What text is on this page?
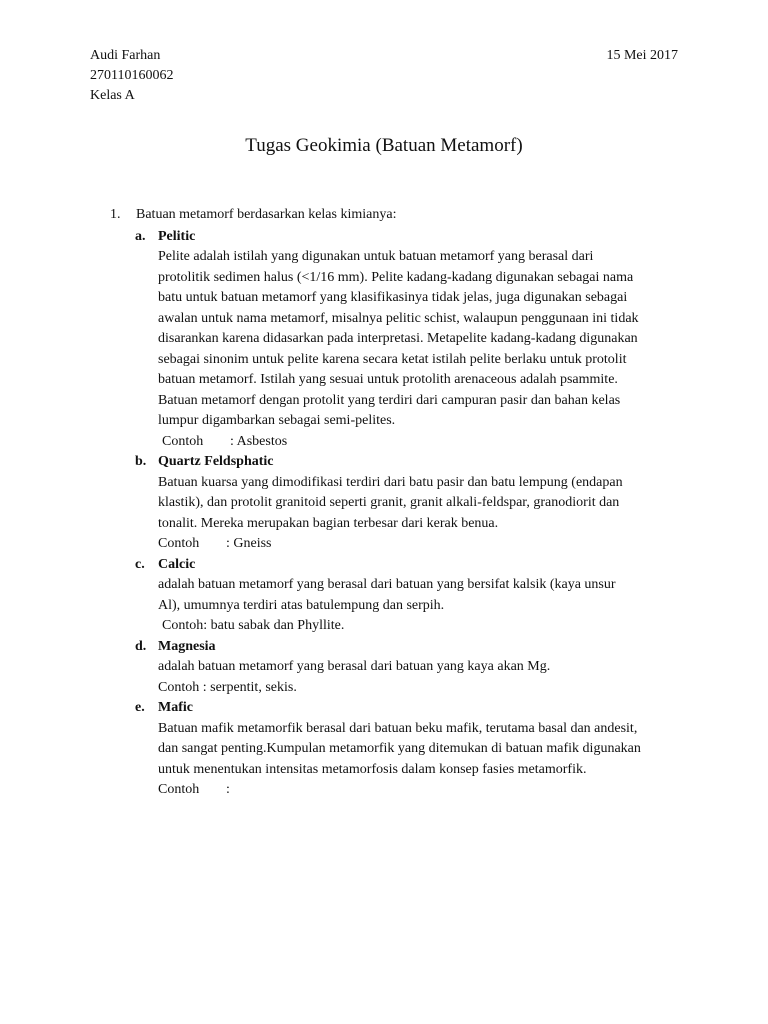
Audi Farhan
270110160062
Kelas A
15 Mei 2017
Tugas Geokimia (Batuan Metamorf)
1.	Batuan metamorf berdasarkan kelas kimianya:
a. Pelitic
Pelite adalah istilah yang digunakan untuk batuan metamorf yang berasal dari
protolitik sedimen halus (<1/16 mm). Pelite kadang-kadang digunakan sebagai nama
batu untuk batuan metamorf yang klasifikasinya tidak jelas, juga digunakan sebagai
awalan untuk nama metamorf, misalnya pelitic schist, walaupun penggunaan ini tidak
disarankan karena didasarkan pada interpretasi. Metapelite kadang-kadang digunakan
sebagai sinonim untuk pelite karena secara ketat istilah pelite berlaku untuk protolit
batuan metamorf. Istilah yang sesuai untuk protolith arenaceous adalah psammite.
Batuan metamorf dengan protolit yang terdiri dari campuran pasir dan bahan kelas
lumpur digambarkan sebagai semi-pelites.
Contoh	: Asbestos
b. Quartz Feldsphatic
Batuan kuarsa yang dimodifikasi terdiri dari batu pasir dan batu lempung (endapan
klastik), dan protolit granitoid seperti granit, granit alkali-feldspar, granodiorit dan
tonalit. Mereka merupakan bagian terbesar dari kerak benua.
Contoh	: Gneiss
c. Calcic
adalah batuan metamorf yang berasal dari batuan yang bersifat kalsik (kaya unsur
Al), umumnya terdiri atas batulempung dan serpih.
Contoh: batu sabak dan Phyllite.
d. Magnesia
adalah batuan metamorf yang berasal dari batuan yang kaya akan Mg.
Contoh : serpentit, sekis.
e. Mafic
Batuan mafik metamorfik berasal dari batuan beku mafik, terutama basal dan andesit,
dan sangat penting.Kumpulan metamorfik yang ditemukan di batuan mafik digunakan
untuk menentukan intensitas metamorfosis dalam konsep fasies metamorfik.
Contoh	:
